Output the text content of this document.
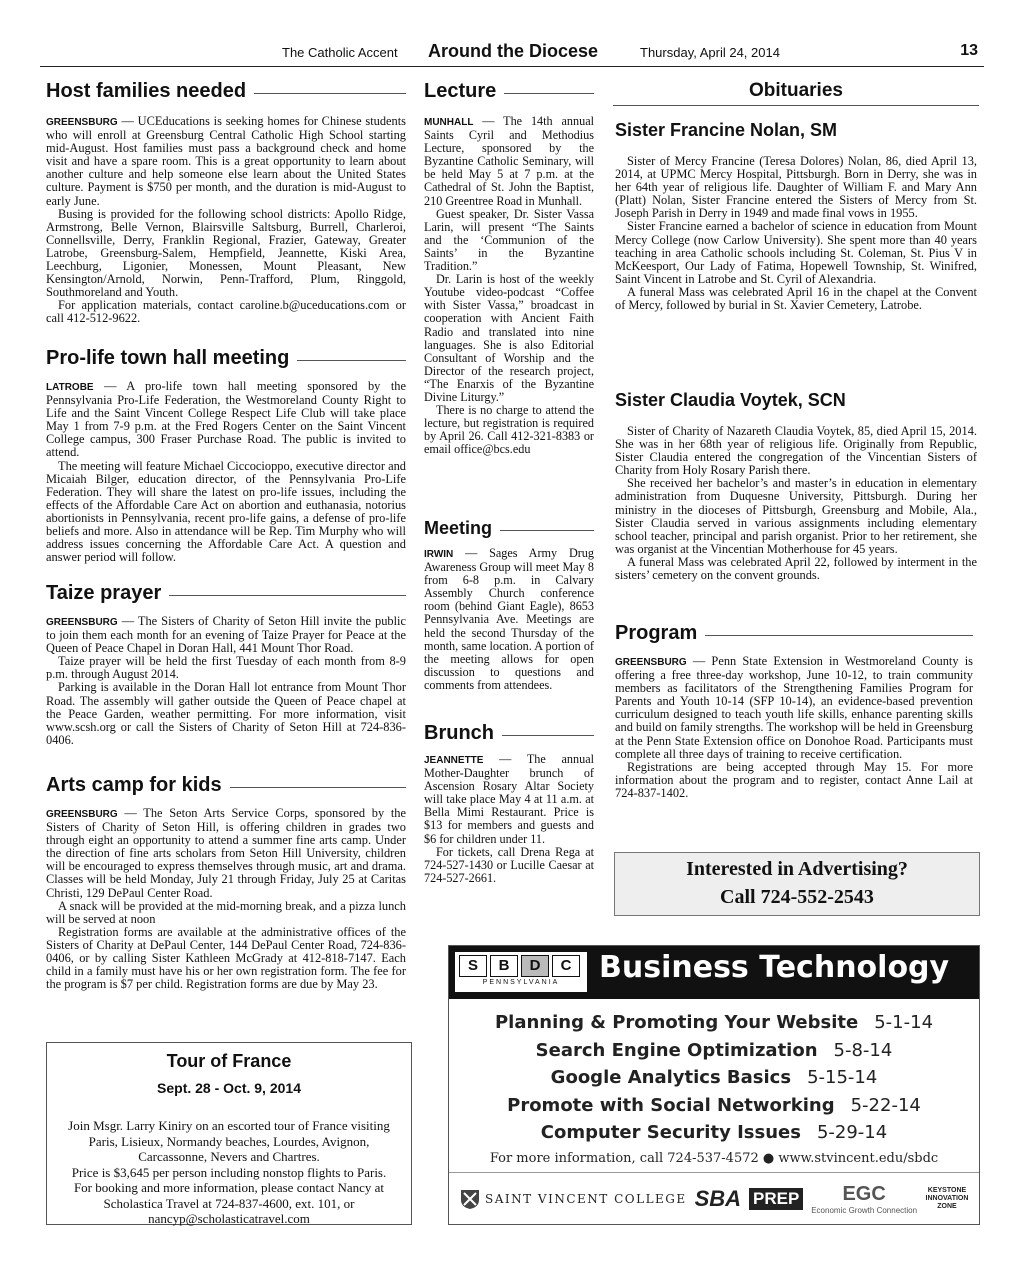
The Catholic Accent Around the Diocese	Thursday, April 24, 2014	13
Host families needed

GREENSBURG — UCEducations is seeking homes for Chinese students who will enroll at Greensburg Central Catholic High School starting mid-August. Host families must pass a background check and home visit and have a spare room. This is a great opportunity to learn about another culture and help someone else learn about the United States culture. Payment is $750 per month, and the duration is mid-August to early June.

Busing is provided for the following school districts: Apollo Ridge, Armstrong, Belle Vernon, Blairsville Saltsburg, Burrell, Charleroi, Connellsville, Derry, Franklin Regional, Frazier, Gateway, Greater Latrobe, Greensburg-Salem, Hempfield, Jeannette, Kiski Area, Leechburg, Ligonier, Monessen, Mount Pleasant, New Kensington/Arnold, Norwin, Penn-Trafford, Plum, Ringgold, Southmoreland and Youth.

For application materials, contact caroline.b@uceducations.com or call 412-512-9622.

Pro-life town hall meeting

LATROBE — A pro-life town hall meeting sponsored by the Pennsylvania Pro-Life Federation, the Westmoreland County Right to Life and the Saint Vincent College Respect Life Club will take place May 1 from 7-9 p.m. at the Fred Rogers Center on the Saint Vincent College campus, 300 Fraser Purchase Road. The public is invited to attend.

The meeting will feature Michael Ciccocioppo, executive director and Micaiah Bilger, education director, of the Pennsylvania Pro-Life Federation. They will share the latest on pro-life issues, including the effects of the Affordable Care Act on abortion and euthanasia, notorius abortionists in Pennsylvania, recent pro-life gains, a defense of pro-life beliefs and more. Also in attendance will be Rep. Tim Murphy who will address issues concerning the Affordable Care Act. A question and answer period will follow.

Taize prayer

GREENSBURG — The Sisters of Charity of Seton Hill invite the public to join them each month for an evening of Taize Prayer for Peace at the Queen of Peace Chapel in Doran Hall, 441 Mount Thor Road.

Taize prayer will be held the first Tuesday of each month from 8-9 p.m. through August 2014.

Parking is available in the Doran Hall lot entrance from Mount Thor Road. The assembly will gather outside the Queen of Peace chapel at the Peace Garden, weather permitting. For more information, visit www.scsh.org or call the Sisters of Charity of Seton Hill at 724-836-0406.

Arts camp for kids

GREENSBURG — The Seton Arts Service Corps, sponsored by the Sisters of Charity of Seton Hill, is offering children in grades two through eight an opportunity to attend a summer fine arts camp. Under the direction of fine arts scholars from Seton Hill University, children will be encouraged to express themselves through music, art and drama. Classes will be held Monday, July 21 through Friday, July 25 at Caritas Christi, 129 DePaul Center Road.

A snack will be provided at the mid-morning break, and a pizza lunch will be served at noon

Registration forms are available at the administrative offices of the Sisters of Charity at DePaul Center, 144 DePaul Center Road, 724-836-0406, or by calling Sister Kathleen McGrady at 412-818-7147. Each child in a family must have his or her own registration form. The fee for the program is $7 per child. Registration forms are due by May 23.

Tour of France
Sept. 28 - Oct. 9, 2014

Join Msgr. Larry Kiniry on an escorted tour of France visiting Paris, Lisieux, Normandy beaches, Lourdes, Avignon, Carcassonne, Nevers and Chartres.

Price is $3,645 per person including nonstop flights to Paris. For booking and more information, please contact Nancy at Scholastica Travel at 724-837-4600, ext. 101, or nancyp@scholasticatravel.com

Lecture

MUNHALL — The 14th annual Saints Cyril and Methodius Lecture, sponsored by the Byzantine Catholic Seminary, will be held May 5 at 7 p.m. at the Cathedral of St. John the Baptist, 210 Greentree Road in Munhall.

Guest speaker, Dr. Sister Vassa Larin, will present “The Saints and the ‘Communion of the Saints’ in the Byzantine Tradition.”

Dr. Larin is host of the weekly Youtube video-podcast “Coffee with Sister Vassa,” broadcast in cooperation with Ancient Faith Radio and translated into nine languages. She is also Editorial Consultant of Worship and the Director of the research project, “The Enarxis of the Byzantine Divine Liturgy.”

There is no charge to attend the lecture, but registration is required by April 26. Call 412-321-8383 or email office@bcs.edu

Meeting

IRWIN — Sages Army Drug Awareness Group will meet May 8 from 6-8 p.m. in Calvary Assembly Church conference room (behind Giant Eagle), 8653 Pennsylvania Ave. Meetings are held the second Thursday of the month, same location. A portion of the meeting allows for open discussion to questions and comments from attendees.

Brunch

JEANNETTE — The annual Mother-Daughter brunch of Ascension Rosary Altar Society will take place May 4 at 11 a.m. at Bella Mimi Restaurant. Price is $13 for members and guests and $6 for children under 11.

For tickets, call Drena Rega at 724-527-1430 or Lucille Caesar at 724-527-2661.

Obituaries
Sister Francine Nolan, SM

Sister of Mercy Francine (Teresa Dolores) Nolan, 86, died April 13, 2014, at UPMC Mercy Hospital, Pittsburgh. Born in Derry, she was in her 64th year of religious life. Daughter of William F. and Mary Ann (Platt) Nolan, Sister Francine entered the Sisters of Mercy from St. Joseph Parish in Derry in 1949 and made final vows in 1955.

Sister Francine earned a bachelor of science in education from Mount Mercy College (now Carlow University). She spent more than 40 years teaching in area Catholic schools including St. Coleman, St. Pius V in McKeesport, Our Lady of Fatima, Hopewell Township, St. Winifred, Saint Vincent in Latrobe and St. Cyril of Alexandria.

A funeral Mass was celebrated April 16 in the chapel at the Convent of Mercy, followed by burial in St. Xavier Cemetery, Latrobe.

Sister Claudia Voytek, SCN

Sister of Charity of Nazareth Claudia Voytek, 85, died April 15, 2014. She was in her 68th year of religious life. Originally from Republic, Sister Claudia entered the congregation of the Vincentian Sisters of Charity from Holy Rosary Parish there.

She received her bachelor’s and master’s in education in elementary administration from Duquesne University, Pittsburgh. During her ministry in the dioceses of Pittsburgh, Greensburg and Mobile, Ala., Sister Claudia served in various assignments including elementary school teacher, principal and parish organist. Prior to her retirement, she was organist at the Vincentian Motherhouse for 45 years.

A funeral Mass was celebrated April 22, followed by interment in the sisters’ cemetery on the convent grounds.

Program

GREENSBURG — Penn State Extension in Westmoreland County is offering a free three-day workshop, June 10-12, to train community members as facilitators of the Strengthening Families Program for Parents and Youth 10-14 (SFP 10-14), an evidence-based prevention curriculum designed to teach youth life skills, enhance parenting skills and build on family strengths. The workshop will be held in Greensburg at the Penn State Extension office on Donohoe Road. Participants must complete all three days of training to receive certification.

Registrations are being accepted through May 15. For more information about the program and to register, contact Anne Lail at 724-837-1402.

Interested in Advertising?
Call 724-552-2543
S	B	D	C
PENNSYLVANIA	Business Technology
Planning & Promoting Your Website 5-1-14
Search Engine Optimization 5-8-14
Google Analytics Basics 5-15-14
Promote with Social Networking 5-22-14
Computer Security Issues 5-29-14
For more information, call 724-537-4572 ● www.stvincent.edu/sbdc
SAINT VINCENT COLLEGE SBA PREP EGC
Economic Growth Connection
KEYSTONE INNOVATION ZONE
